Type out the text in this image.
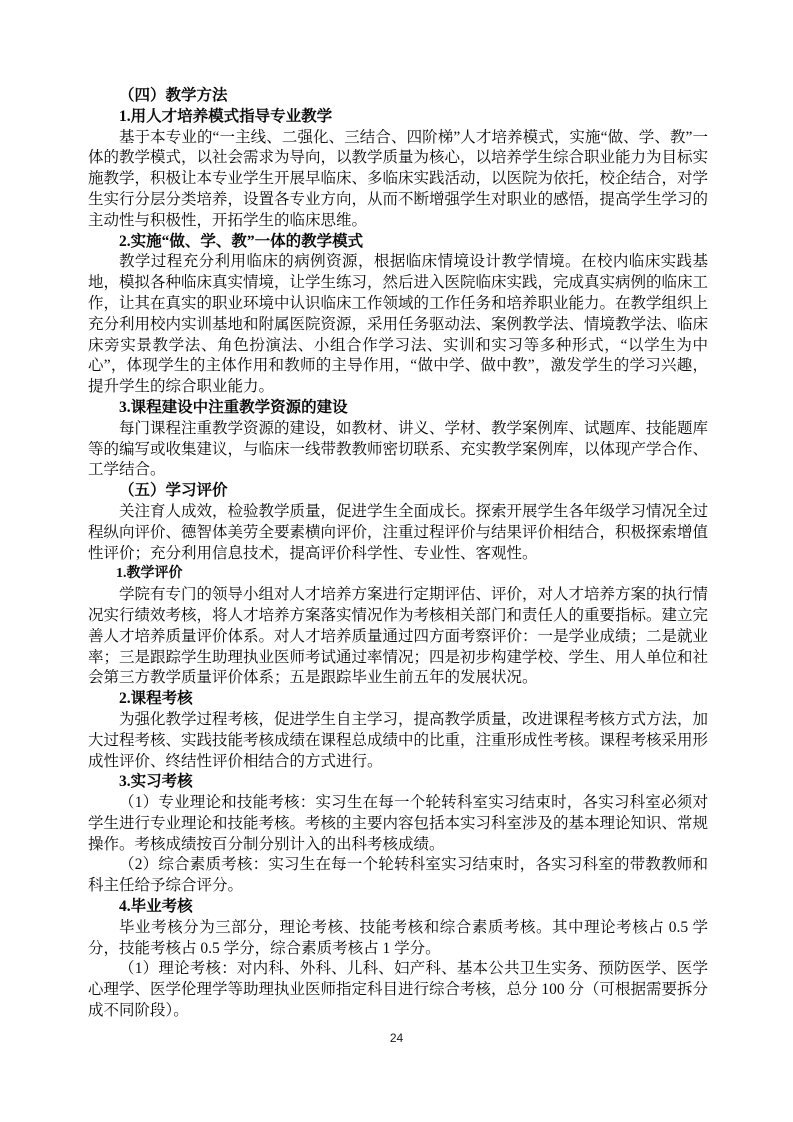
（四）教学方法

1.用人才培养模式指导专业教学

基于本专业的“一主线、二强化、三结合、四阶梯”人才培养模式，实施“做、学、教”一体的教学模式，以社会需求为导向，以教学质量为核心，以培养学生综合职业能力为目标实施教学，积极让本专业学生开展早临床、多临床实践活动，以医院为依托，校企结合，对学生实行分层分类培养，设置各专业方向，从而不断增强学生对职业的感悟，提高学生学习的主动性与积极性，开拓学生的临床思维。

2.实施“做、学、教”一体的教学模式

教学过程充分利用临床的病例资源，根据临床情境设计教学情境。在校内临床实践基地，模拟各种临床真实情境，让学生练习，然后进入医院临床实践，完成真实病例的临床工作，让其在真实的职业环境中认识临床工作领域的工作任务和培养职业能力。在教学组织上充分利用校内实训基地和附属医院资源，采用任务驱动法、案例教学法、情境教学法、临床床旁实景教学法、角色扮演法、小组合作学习法、实训和实习等多种形式，“以学生为中心”，体现学生的主体作用和教师的主导作用，“做中学、做中教”，激发学生的学习兴趣，提升学生的综合职业能力。

3.课程建设中注重教学资源的建设

每门课程注重教学资源的建设，如教材、讲义、学材、教学案例库、试题库、技能题库等的编写或收集建议，与临床一线带教教师密切联系、充实教学案例库，以体现产学合作、工学结合。

（五）学习评价

关注育人成效，检验教学质量，促进学生全面成长。探索开展学生各年级学习情况全过程纵向评价、德智体美劳全要素横向评价，注重过程评价与结果评价相结合，积极探索增值性评价；充分利用信息技术，提高评价科学性、专业性、客观性。

1.教学评价

学院有专门的领导小组对人才培养方案进行定期评估、评价，对人才培养方案的执行情况实行绩效考核，将人才培养方案落实情况作为考核相关部门和责任人的重要指标。建立完善人才培养质量评价体系。对人才培养质量通过四方面考察评价：一是学业成绩；二是就业率；三是跟踪学生助理执业医师考试通过率情况；四是初步构建学校、学生、用人单位和社会第三方教学质量评价体系；五是跟踪毕业生前五年的发展状况。

2.课程考核

为强化教学过程考核，促进学生自主学习，提高教学质量，改进课程考核方式方法，加大过程考核、实践技能考核成绩在课程总成绩中的比重，注重形成性考核。课程考核采用形成性评价、终结性评价相结合的方式进行。

3.实习考核

（1）专业理论和技能考核：实习生在每一个轮转科室实习结束时，各实习科室必须对学生进行专业理论和技能考核。考核的主要内容包括本实习科室涉及的基本理论知识、常规操作。考核成绩按百分制分别计入的出科考核成绩。

（2）综合素质考核：实习生在每一个轮转科室实习结束时，各实习科室的带教教师和科主任给予综合评分。

4.毕业考核

毕业考核分为三部分，理论考核、技能考核和综合素质考核。其中理论考核占 0.5 学分，技能考核占 0.5 学分，综合素质考核占 1 学分。

（1）理论考核：对内科、外科、儿科、妇产科、基本公共卫生实务、预防医学、医学心理学、医学伦理学等助理执业医师指定科目进行综合考核，总分 100 分（可根据需要拆分成不同阶段）。

24
